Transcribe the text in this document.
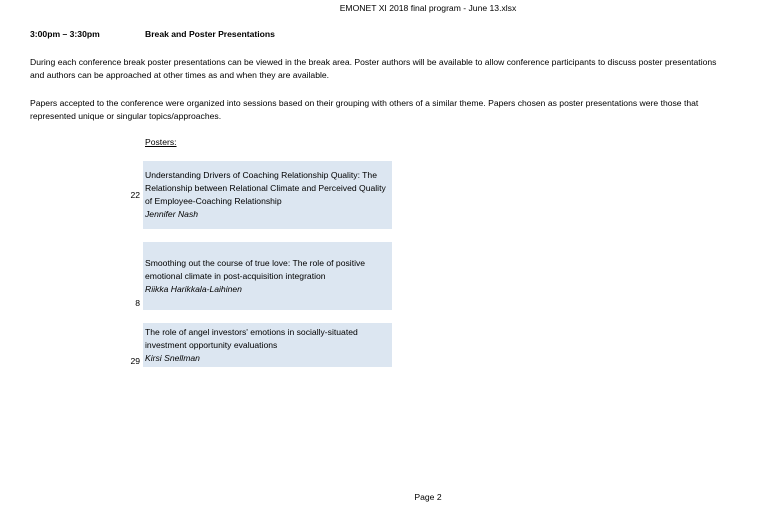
EMONET XI 2018 final program - June 13.xlsx
3:00pm – 3:30pm	Break and Poster Presentations
During each conference break poster presentations can be viewed in the break area. Poster authors will be available to allow conference participants to discuss poster presentations and authors can be approached at other times as and when they are available.
Papers accepted to the conference were organized into sessions based on their grouping with others of a similar theme. Papers chosen as poster presentations were those that represented unique or singular topics/approaches.
Posters:
22
Understanding Drivers of Coaching Relationship Quality: The Relationship between Relational Climate and Perceived Quality of Employee-Coaching Relationship
Jennifer Nash
8
Smoothing out the course of true love: The role of positive emotional climate in post-acquisition integration
Riikka Harikkala-Laihinen
29
The role of angel investors' emotions in socially-situated investment opportunity evaluations
Kirsi Snellman
Page 2
